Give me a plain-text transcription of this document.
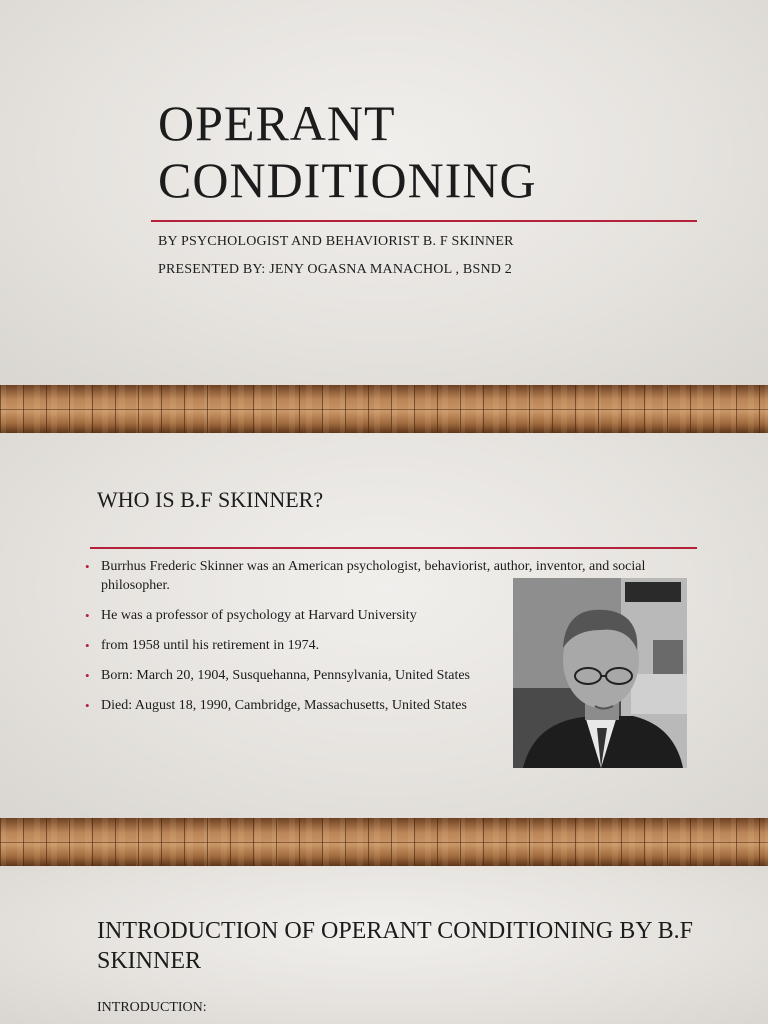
OPERANT
CONDITIONING

BY PSYCHOLOGIST AND BEHAVIORIST B. F SKINNER

PRESENTED BY: JENY OGASNA MANACHOL , BSND 2

WHO IS B.F SKINNER?
• Burrhus Frederic Skinner was an American psychologist, behaviorist, author, inventor, and social philosopher.
• He was a professor of psychology at Harvard University
• from 1958 until his retirement in 1974.
• Born: March 20, 1904, Susquehanna, Pennsylvania, United States
• Died: August 18, 1990, Cambridge, Massachusetts, United States
INTRODUCTION OF OPERANT CONDITIONING BY B.F SKINNER

INTRODUCTION:
